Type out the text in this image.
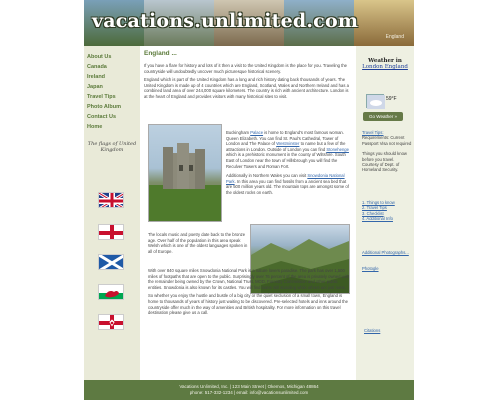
vacations.unlimited.com
England
About Us
Canada
Ireland
Japan
Travel Tips
Photo Album
Contact Us
Home
The flags of United Kingdom
England ...

If you have a flare for history and lots of it then a visit to the United Kingdom is the place for you. Traveling the countryside will undoubtedly uncover much picturesque historical scenery.

England which is part of the United Kingdom has a long and rich history dating back thousands of years. The United Kingdom is made up of 4 countries which are England, Scotland, Wales and Northern Ireland and has a combined land area of over 244,000 square kilometers. The country is rich with ancient architecture. London is at the heart of England and provides visitors with many historical sites to visit.

Buckingham Palace is home to England's most famous woman. Queen Elizabeth. You can find St. Paul's Cathedral, Tower of London and The Palace of Westminster to name but a few of the attractions in London. Outside of London you can find Stonehenge which is a prehistoric monument in the county of Wiltshire. South East of London near the town of Hillsbrough you will find the Reculver Towers and Roman Fort.

Additionally in Northern Wales you can visit Snowdonia National Park. In this area you can find fossils from a ancient sea bed that are 500 million years old. The mountain tops are amongst some of the oldest rocks on earth.

The locals music and poetry date back to the bronze age. Over half of the population in this area speak Welsh which is one of the oldest languages spoken in all of Europe.

With over 840 square miles Snowdonia National Park is a nature lovers paradise. The park has over 1,500 miles of footpaths that are open to the public. Surprisingly over 76 percent of the area is privately owned with the remainder being owned by the Crown, National Trust, MOD, Forestry Commission and other public entities. Snowdonia is also known for its castles. You will find some still standing while others are just ruins.

So whether you enjoy the hustle and bustle of a big city or the quiet seclusion of a small town, England is home to thousands of years of history just waiting to be discovered. Pre-selected hotels and inns around the countryside offer much in the way of amenities and British hospitality. For more information on this travel destination please give us a call.

Weather in
London England
59°F
Go Weather »
Travel Tips:
Requirements: Current Passport Visa not required
Things you should know before you travel. Courtesy of Dept. of Homeland Security.
1. Things to know
2. Travel Tips
3. Checklist
4. Additional Info
Additional Photographs...
Photogle
Citations
Vacations Unlimited, Inc. | 123 Main Street | Okemos, Michigan 48864
phone: 517-332-1234 | email: info@vacationsunlimited.com
